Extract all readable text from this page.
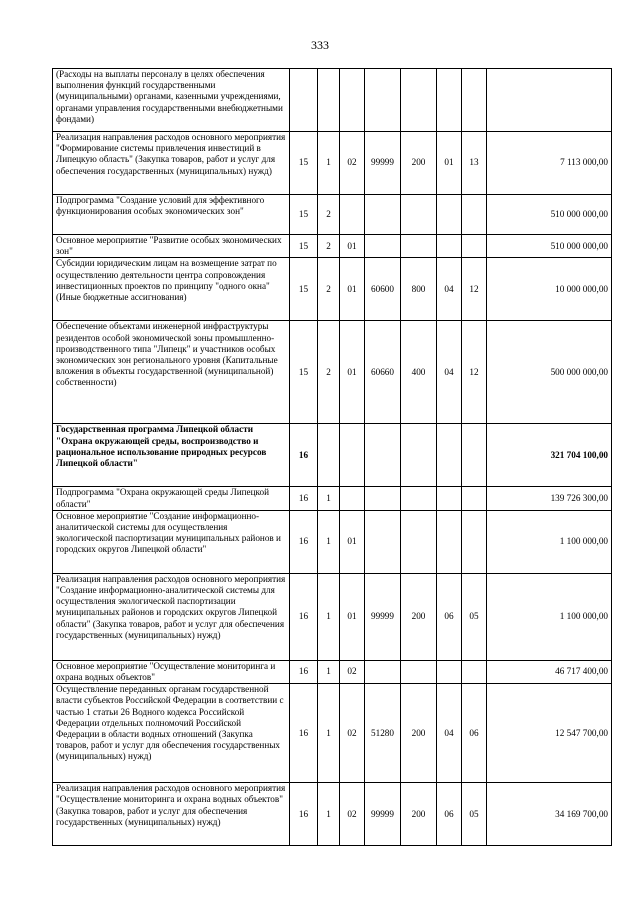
333
(Расходы на выплаты персоналу в целях обеспечения выполнения функций государственными (муниципальными) органами, казенными учреждениями, органами управления государственными внебюджетными фондами)								
Реализация направления расходов основного мероприятия "Формирование системы привлечения инвестиций в Липецкую область" (Закупка товаров, работ и услуг для обеспечения государственных (муниципальных) нужд)	15	1	02	99999	200	01	13	7 113 000,00
Подпрограмма "Создание условий для эффективного функционирования особых экономических зон"	15	2						510 000 000,00
Основное мероприятие "Развитие особых экономических зон"	15	2	01					510 000 000,00
Субсидии юридическим лицам на возмещение затрат по осуществлению деятельности центра сопровождения инвестиционных проектов по принципу "одного окна" (Иные бюджетные ассигнования)	15	2	01	60600	800	04	12	10 000 000,00
Обеспечение объектами инженерной инфраструктуры резидентов особой экономической зоны промышленно-производственного типа "Липецк" и участников особых экономических зон регионального уровня (Капитальные вложения в объекты государственной (муниципальной) собственности)	15	2	01	60660	400	04	12	500 000 000,00
Государственная программа Липецкой области "Охрана окружающей среды, воспроизводство и рациональное использование природных ресурсов Липецкой области"	16							321 704 100,00
Подпрограмма "Охрана окружающей среды Липецкой области"	16	1						139 726 300,00
Основное мероприятие "Создание информационно-аналитической системы для осуществления экологической паспортизации муниципальных районов и городских округов Липецкой области"	16	1	01					1 100 000,00
Реализация направления расходов основного мероприятия "Создание информационно-аналитической системы для осуществления экологической паспортизации муниципальных районов и городских округов Липецкой области" (Закупка товаров, работ и услуг для обеспечения государственных (муниципальных) нужд)	16	1	01	99999	200	06	05	1 100 000,00
Основное мероприятие "Осуществление мониторинга и охрана водных объектов"	16	1	02					46 717 400,00
Осуществление переданных органам государственной власти субъектов Российской Федерации в соответствии с частью 1 статьи 26 Водного кодекса Российской Федерации отдельных полномочий Российской Федерации в области водных отношений (Закупка товаров, работ и услуг для обеспечения государственных (муниципальных) нужд)	16	1	02	51280	200	04	06	12 547 700,00
Реализация направления расходов основного мероприятия "Осуществление мониторинга и охрана водных объектов" (Закупка товаров, работ и услуг для обеспечения государственных (муниципальных) нужд)	16	1	02	99999	200	06	05	34 169 700,00
